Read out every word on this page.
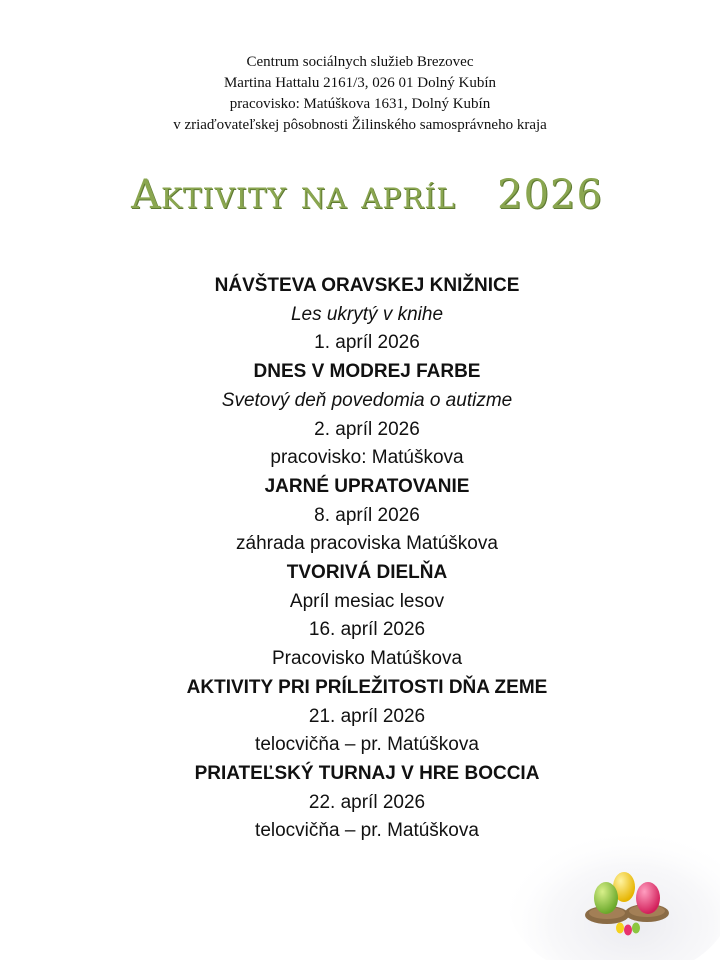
Centrum sociálnych služieb Brezovec
Martina Hattalu 2161/3, 026 01 Dolný Kubín
pracovisko: Matúškova 1631, Dolný Kubín
v zriaďovateľskej pôsobnosti Žilinského samosprávneho kraja
Aktivity na apríl   2026
NÁVŠTEVA ORAVSKEJ KNIŽNICE
Les ukrytý v knihe
1. apríl 2026
DNES V MODREJ FARBE
Svetový deň povedomia o autizme
2. apríl 2026
pracovisko: Matúškova
JARNÉ UPRATOVANIE
8. apríl 2026
záhrada pracoviska Matúškova
TVORIVÁ DIELŇA
Apríl mesiac lesov
16. apríl 2026
Pracovisko Matúškova
AKTIVITY PRI PRÍLEŽITOSTI DŇA ZEME
21. apríl 2026
telocvičňa – pr. Matúškova
PRIATEĽSKÝ TURNAJ V HRE BOCCIA
22. apríl 2026
telocvičňa – pr. Matúškova
